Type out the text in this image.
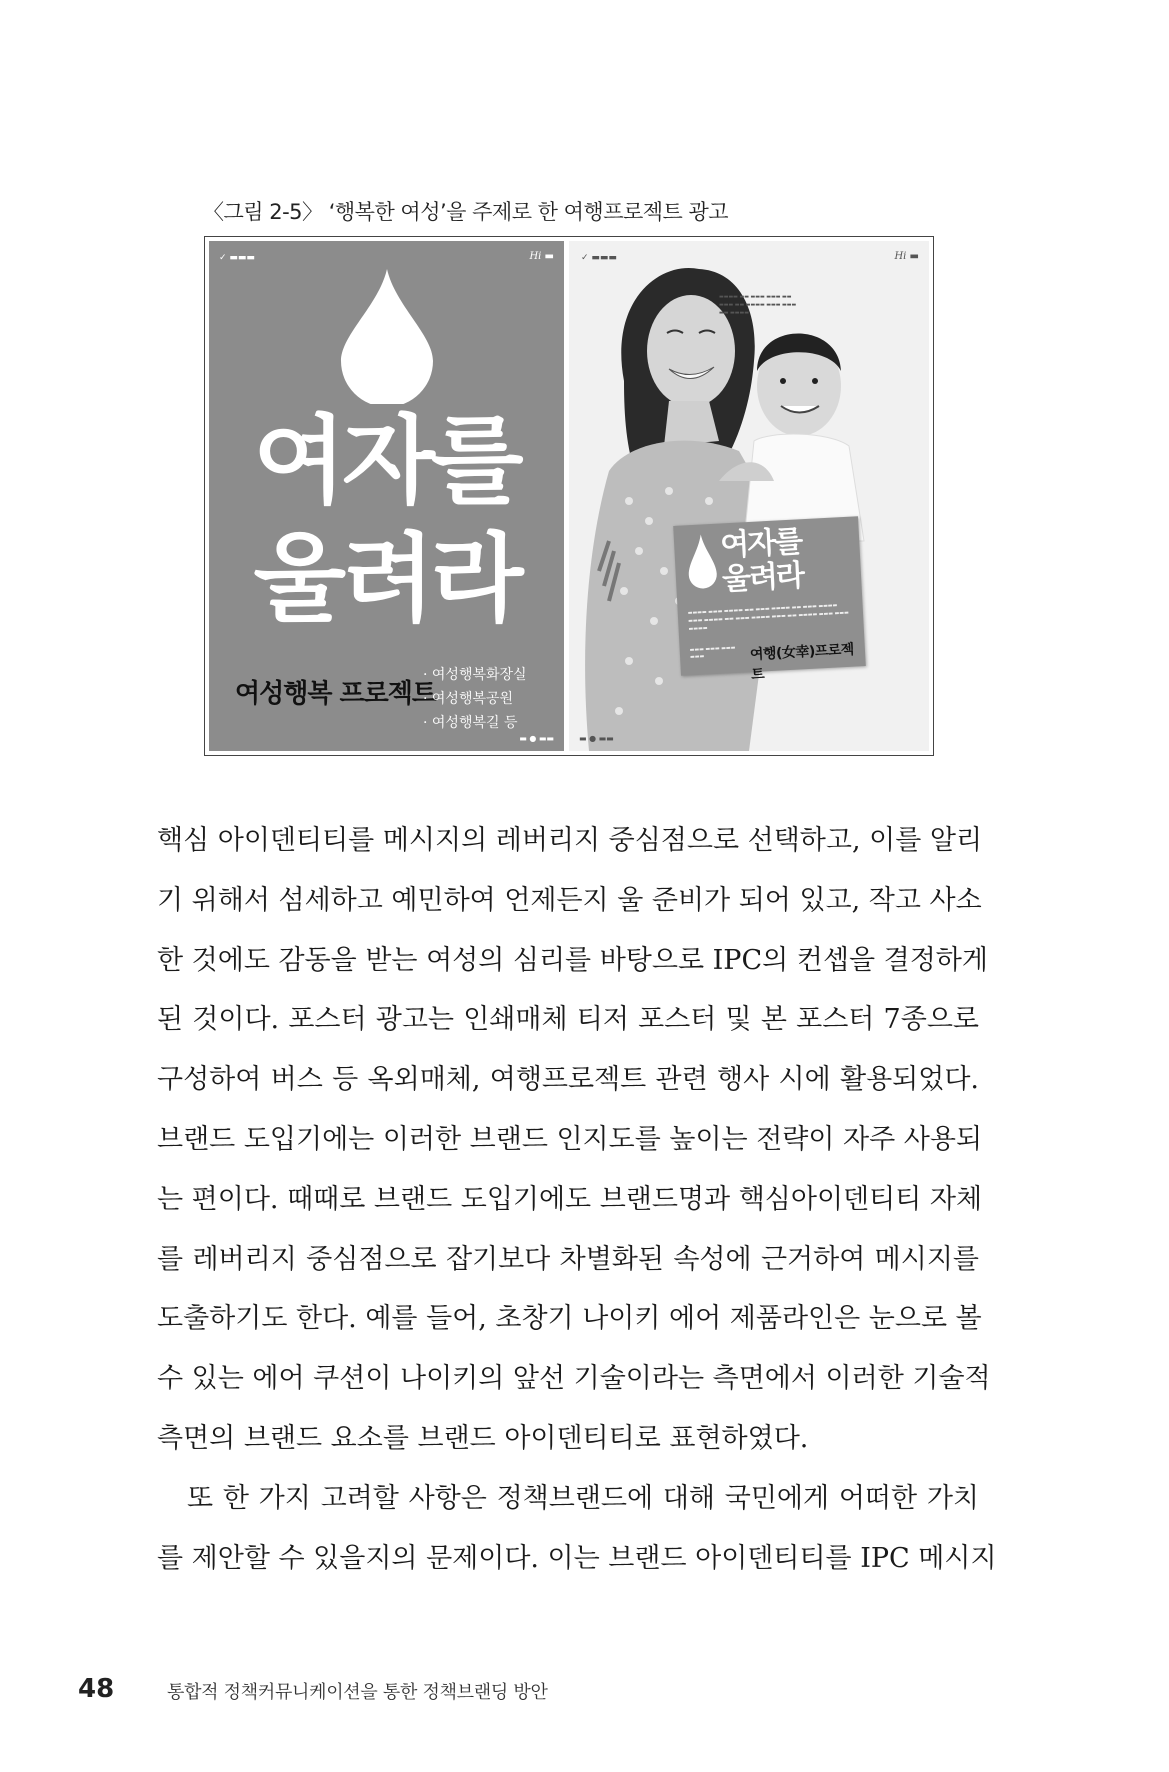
〈그림 2-5〉 ‘행복한 여성’을 주제로 한 여행프로젝트 광고
✓ ▬▬▬	Hi ▬
여자를
울려라
여성행복 프로젝트
· 여성행복화장실
· 여성행복공원
· 여성행복길 등
▬ ● ▬▬
✓ ▬▬▬	Hi ▬
▬▬▬▬ ▬▬ ▬▬▬ ▬▬▬ ▬▬ ▬▬▬ ▬▬ ▬▬▬▬ ▬▬▬ ▬▬▬ ▬▬ ▬▬▬▬
여자를
울려라
▬▬▬▬ ▬▬▬ ▬▬▬▬ ▬▬ ▬▬▬ ▬▬▬▬ ▬▬ ▬▬▬ ▬▬▬▬ ▬▬▬ ▬▬▬▬ ▬▬ ▬▬▬ ▬▬▬▬ ▬▬▬ ▬▬ ▬▬▬▬ ▬▬▬ ▬▬▬ ▬▬▬▬
▬▬▬ ▬▬▬ ▬▬▬ ▬▬▬	여행(女幸)프로젝트
▬ ● ▬▬
핵심 아이덴티티를 메시지의 레버리지 중심점으로 선택하고, 이를 알리
기 위해서 섬세하고 예민하여 언제든지 울 준비가 되어 있고, 작고 사소
한 것에도 감동을 받는 여성의 심리를 바탕으로 IPC의 컨셉을 결정하게
된 것이다. 포스터 광고는 인쇄매체 티저 포스터 및 본 포스터 7종으로
구성하여 버스 등 옥외매체, 여행프로젝트 관련 행사 시에 활용되었다.
브랜드 도입기에는 이러한 브랜드 인지도를 높이는 전략이 자주 사용되
는 편이다. 때때로 브랜드 도입기에도 브랜드명과 핵심아이덴티티 자체
를 레버리지 중심점으로 잡기보다 차별화된 속성에 근거하여 메시지를
도출하기도 한다. 예를 들어, 초창기 나이키 에어 제품라인은 눈으로 볼
수 있는 에어 쿠션이 나이키의 앞선 기술이라는 측면에서 이러한 기술적
측면의 브랜드 요소를 브랜드 아이덴티티로 표현하였다.
또 한 가지 고려할 사항은 정책브랜드에 대해 국민에게 어떠한 가치
를 제안할 수 있을지의 문제이다. 이는 브랜드 아이덴티티를 IPC 메시지
48	통합적 정책커뮤니케이션을 통한 정책브랜딩 방안
